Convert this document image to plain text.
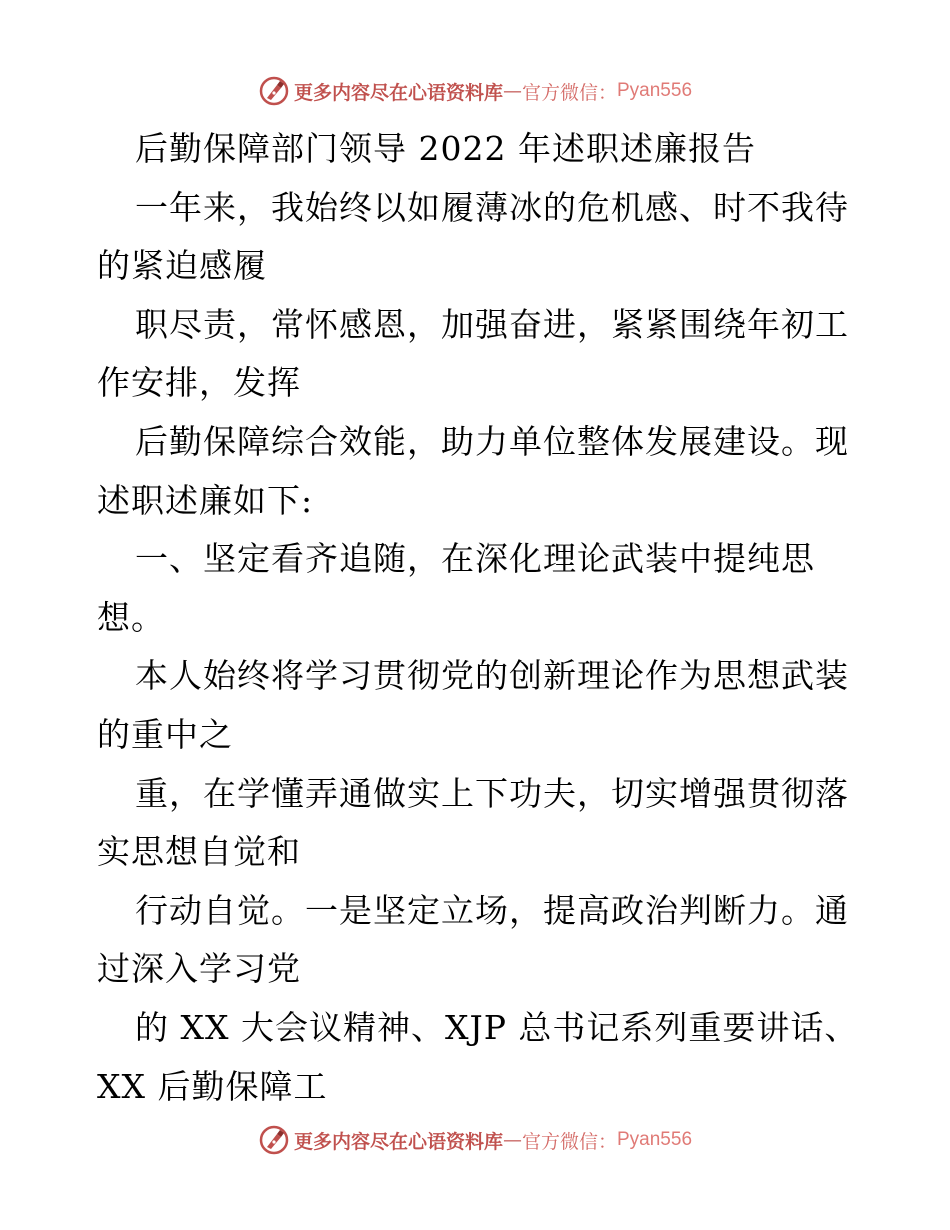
更多内容尽在心语资料库 — 官方微信： Pyan556
后勤保障部门领导 2022 年述职述廉报告
一年来，我始终以如履薄冰的危机感、时不我待
的紧迫感履
职尽责，常怀感恩，加强奋进，紧紧围绕年初工
作安排，发挥
后勤保障综合效能，助力单位整体发展建设。现
述职述廉如下:
一、坚定看齐追随，在深化理论武装中提纯思
想。
本人始终将学习贯彻党的创新理论作为思想武装
的重中之
重，在学懂弄通做实上下功夫，切实增强贯彻落
实思想自觉和
行动自觉。一是坚定立场，提高政治判断力。通
过深入学习党
的 XX 大会议精神、XJP 总书记系列重要讲话、
XX 后勤保障工
更多内容尽在心语资料库 — 官方微信： Pyan556
